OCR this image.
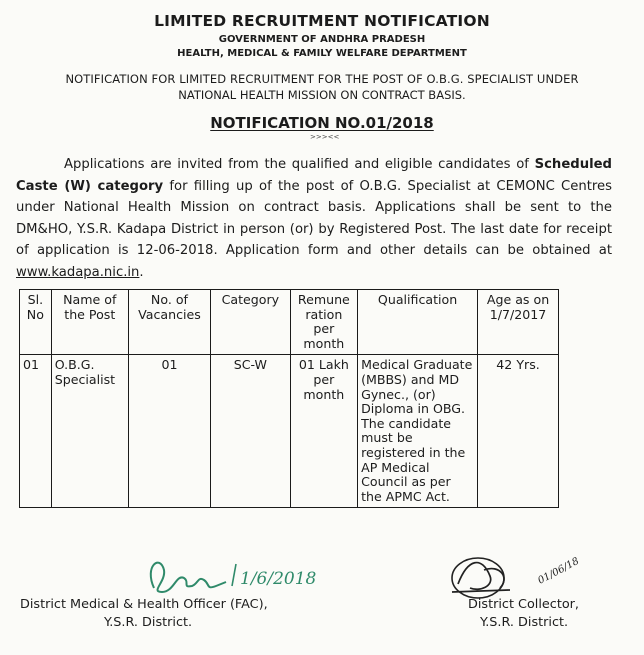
LIMITED RECRUITMENT NOTIFICATION
GOVERNMENT OF ANDHRA PRADESH
HEALTH, MEDICAL & FAMILY WELFARE DEPARTMENT
NOTIFICATION FOR LIMITED RECRUITMENT FOR THE POST OF O.B.G. SPECIALIST UNDER
NATIONAL HEALTH MISSION ON CONTRACT BASIS.
NOTIFICATION NO.01/2018
>>><<
Applications are invited from the qualified and eligible candidates of Scheduled Caste (W) category for filling up of the post of O.B.G. Specialist at CEMONC Centres under National Health Mission on contract basis. Applications shall be sent to the DM&HO, Y.S.R. Kadapa District in person (or) by Registered Post. The last date for receipt of application is 12-06-2018. Application form and other details can be obtained at www.kadapa.nic.in.
Sl. No	Name of the Post	No. of Vacancies	Category	Remune ration per month	Qualification	Age as on 1/7/2017
01	O.B.G. Specialist	01	SC-W	01 Lakh per month	Medical Graduate (MBBS) and MD Gynec., (or) Diploma in OBG. The candidate must be registered in the AP Medical Council as per the APMC Act.	42 Yrs.
1/6/2018	01/06/18
District Medical & Health Officer (FAC),
Y.S.R. District.
District Collector,
Y.S.R. District.
